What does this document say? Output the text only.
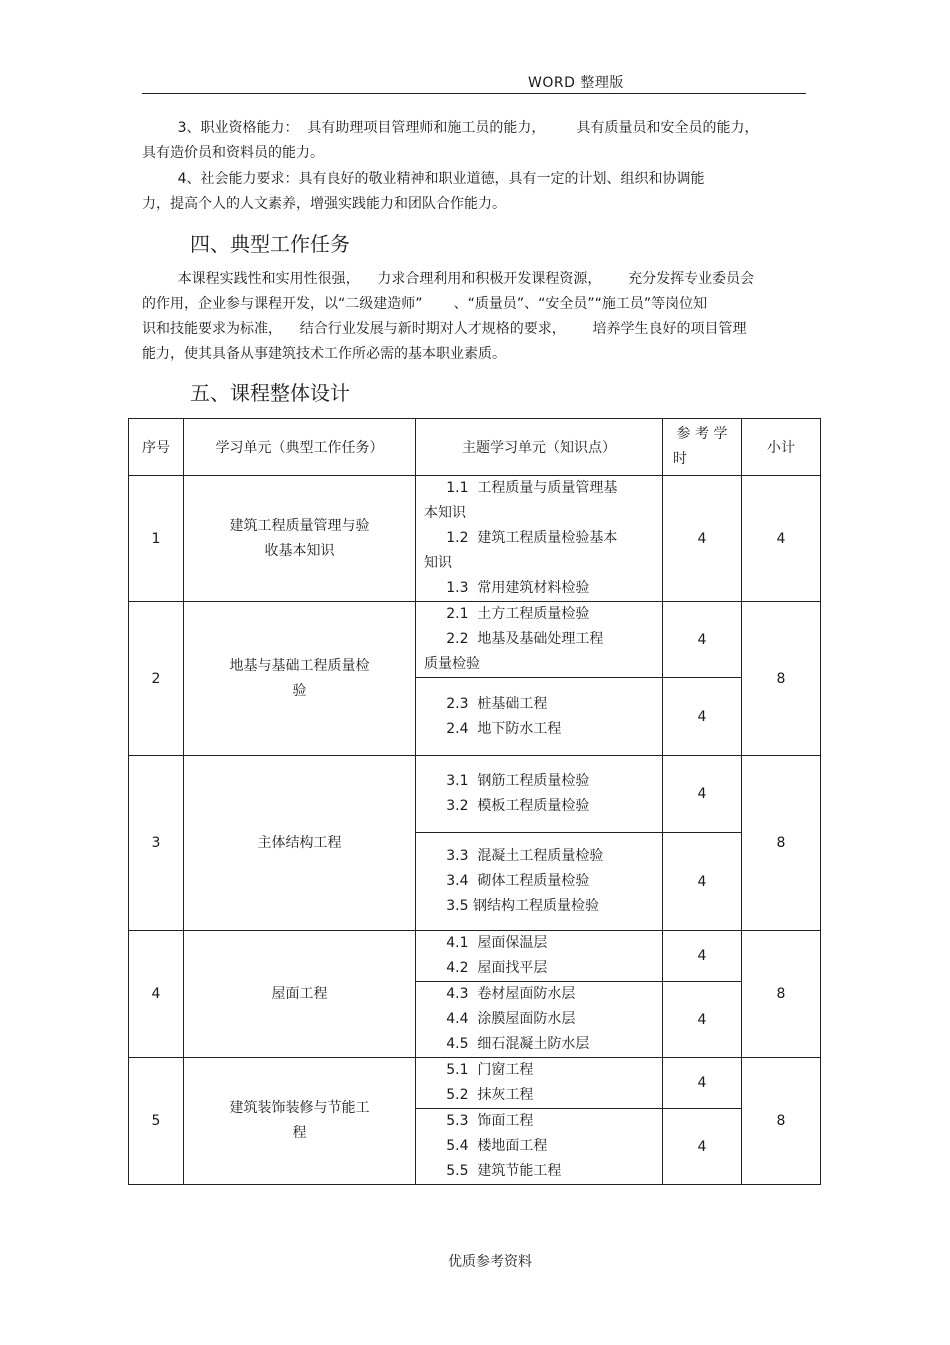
WORD 整理版
3、职业资格能力：  具有助理项目管理师和施工员的能力，       具有质量员和安全员的能力，
具有造价员和资料员的能力。
4、社会能力要求：具有良好的敬业精神和职业道德，具有一定的计划、组织和协调能
力，提高个人的人文素养，增强实践能力和团队合作能力。
四、典型工作任务
本课程实践性和实用性很强，    力求合理利用和积极开发课程资源，      充分发挥专业委员会
的作用，企业参与课程开发，以“二级建造师”       、“质量员”、“安全员”“施工员”等岗位知
识和技能要求为标准，    结合行业发展与新时期对人才规格的要求，      培养学生良好的项目管理
能力，使其具备从事建筑技术工作所必需的基本职业素质。
五、课程整体设计
序号	学习单元（典型工作任务）	主题学习单元（知识点）	参 考 学
时	小计
1	建筑工程质量管理与验
收基本知识	1.1  工程质量与质量管理基
本知识
1.2  建筑工程质量检验基本
知识
1.3  常用建筑材料检验	4	4
2	地基与基础工程质量检
验	2.1  土方工程质量检验
2.2  地基及基础处理工程
质量检验	4	8

		2.3  桩基础工程
2.4  地下防水工程	4	
3	主体结构工程	3.1  钢筋工程质量检验
3.2  模板工程质量检验	4	8

		3.3  混凝土工程质量检验
3.4  砌体工程质量检验
3.5 钢结构工程质量检验	4	
4	屋面工程	4.1  屋面保温层
4.2  屋面找平层	4	8

		4.3  卷材屋面防水层
4.4  涂膜屋面防水层
4.5  细石混凝土防水层	4	
5	建筑装饰装修与节能工
程	5.1  门窗工程
5.2  抹灰工程	4	8

		5.3  饰面工程
5.4  楼地面工程
5.5  建筑节能工程	4	
优质参考资料
